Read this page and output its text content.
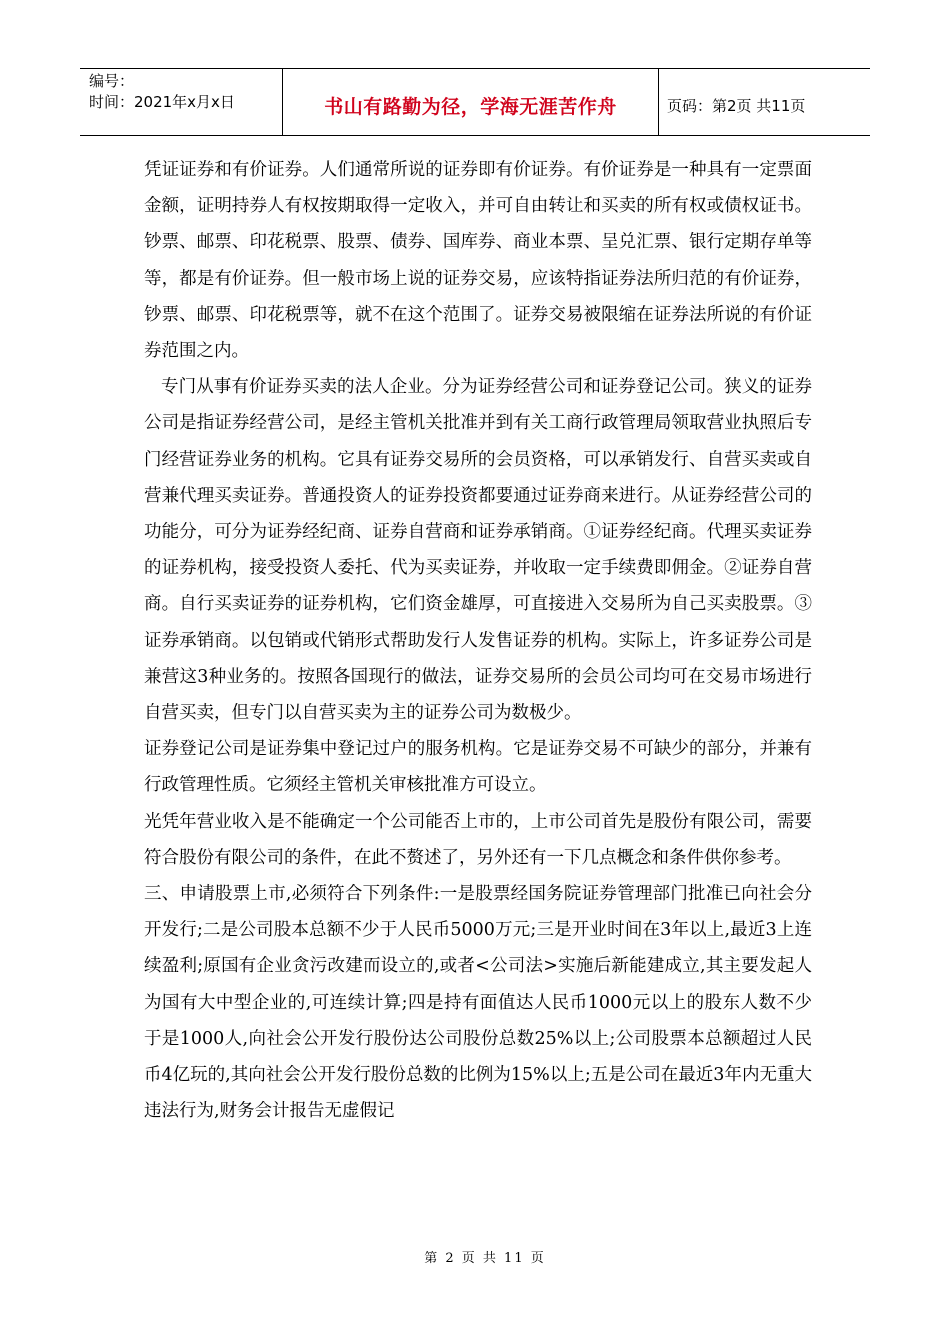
编号：
时间：2021年x月x日	书山有路勤为径，学海无涯苦作舟	页码：第2页 共11页

凭证证券和有价证券。人们通常所说的证券即有价证券。有价证券是一种具有一定票面金额，证明持券人有权按期取得一定收入，并可自由转让和买卖的所有权或债权证书。钞票、邮票、印花税票、股票、债券、国库券、商业本票、呈兑汇票、银行定期存单等等，都是有价证券。但一般市场上说的证券交易，应该特指证券法所归范的有价证券，钞票、邮票、印花税票等，就不在这个范围了。证券交易被限缩在证券法所说的有价证券范围之内。

专门从事有价证券买卖的法人企业。分为证券经营公司和证券登记公司。狭义的证券公司是指证券经营公司，是经主管机关批准并到有关工商行政管理局领取营业执照后专门经营证券业务的机构。它具有证券交易所的会员资格，可以承销发行、自营买卖或自营兼代理买卖证券。普通投资人的证券投资都要通过证券商来进行。从证券经营公司的功能分，可分为证券经纪商、证券自营商和证券承销商。①证券经纪商。代理买卖证券的证券机构，接受投资人委托、代为买卖证券，并收取一定手续费即佣金。②证券自营商。自行买卖证券的证券机构，它们资金雄厚，可直接进入交易所为自己买卖股票。③证券承销商。以包销或代销形式帮助发行人发售证券的机构。实际上，许多证券公司是兼营这3种业务的。按照各国现行的做法，证券交易所的会员公司均可在交易市场进行自营买卖，但专门以自营买卖为主的证券公司为数极少。

证券登记公司是证券集中登记过户的服务机构。它是证券交易不可缺少的部分，并兼有行政管理性质。它须经主管机关审核批准方可设立。

光凭年营业收入是不能确定一个公司能否上市的，上市公司首先是股份有限公司，需要符合股份有限公司的条件，在此不赘述了，另外还有一下几点概念和条件供你参考。

三、申请股票上市,必须符合下列条件:一是股票经国务院证券管理部门批准已向社会分开发行;二是公司股本总额不少于人民币5000万元;三是开业时间在3年以上,最近3上连续盈利;原国有企业贪污改建而设立的,或者<公司法>实施后新能建成立,其主要发起人为国有大中型企业的,可连续计算;四是持有面值达人民币1000元以上的股东人数不少于是1000人,向社会公开发行股份达公司股份总数25%以上;公司股票本总额超过人民币4亿玩的,其向社会公开发行股份总数的比例为15%以上;五是公司在最近3年内无重大违法行为,财务会计报告无虚假记

第 2 页 共 11 页
